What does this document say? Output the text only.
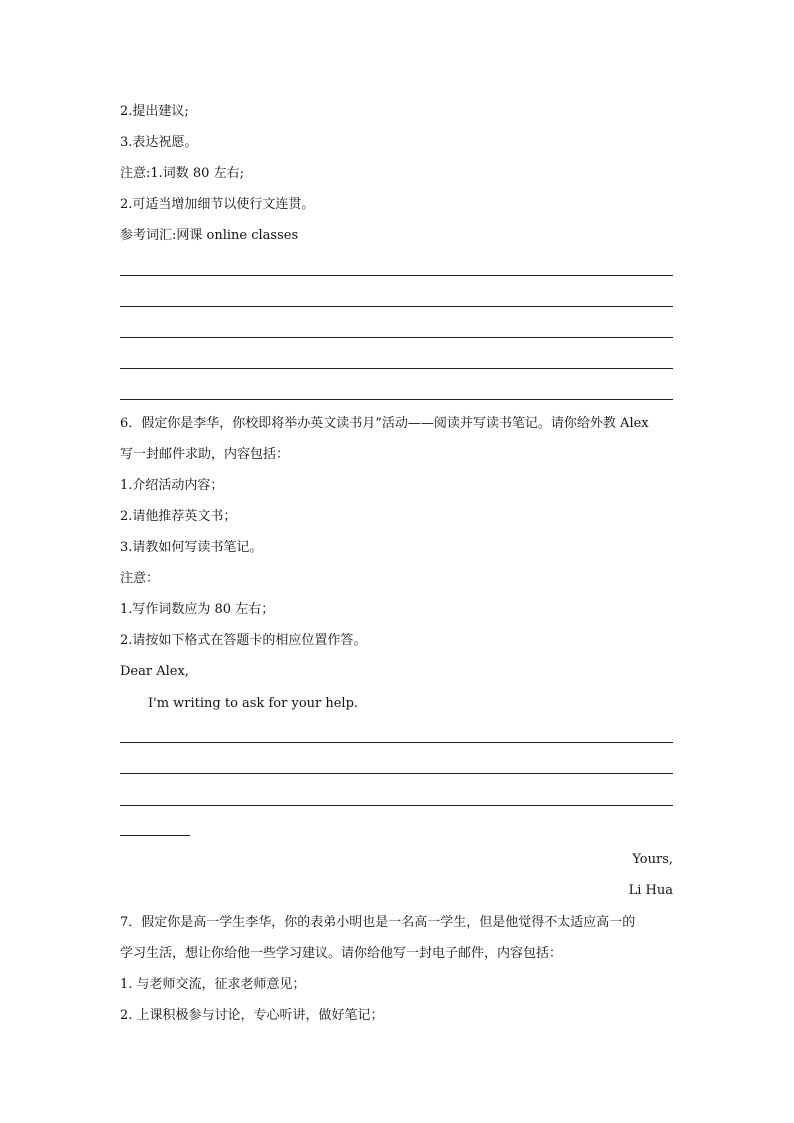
2.提出建议;
3.表达祝愿。
注意:1.词数 80 左右;
2.可适当增加细节以使行文连贯。
参考词汇:网课 online classes
6．假定你是李华，你校即将举办英文读书月”活动——阅读并写读书笔记。请你给外教 Alex
写一封邮件求助，内容包括：
1.介绍活动内容；
2.请他推荐英文书；
3.请教如何写读书笔记。
注意：
1.写作词数应为 80 左右；
2.请按如下格式在答题卡的相应位置作答。
Dear Alex,
I'm writing to ask for your help.
Yours,
Li Hua
7．假定你是高一学生李华，你的表弟小明也是一名高一学生，但是他觉得不太适应高一的
学习生活，想让你给他一些学习建议。请你给他写一封电子邮件，内容包括：
1. 与老师交流，征求老师意见；
2. 上课积极参与讨论，专心听讲，做好笔记；
